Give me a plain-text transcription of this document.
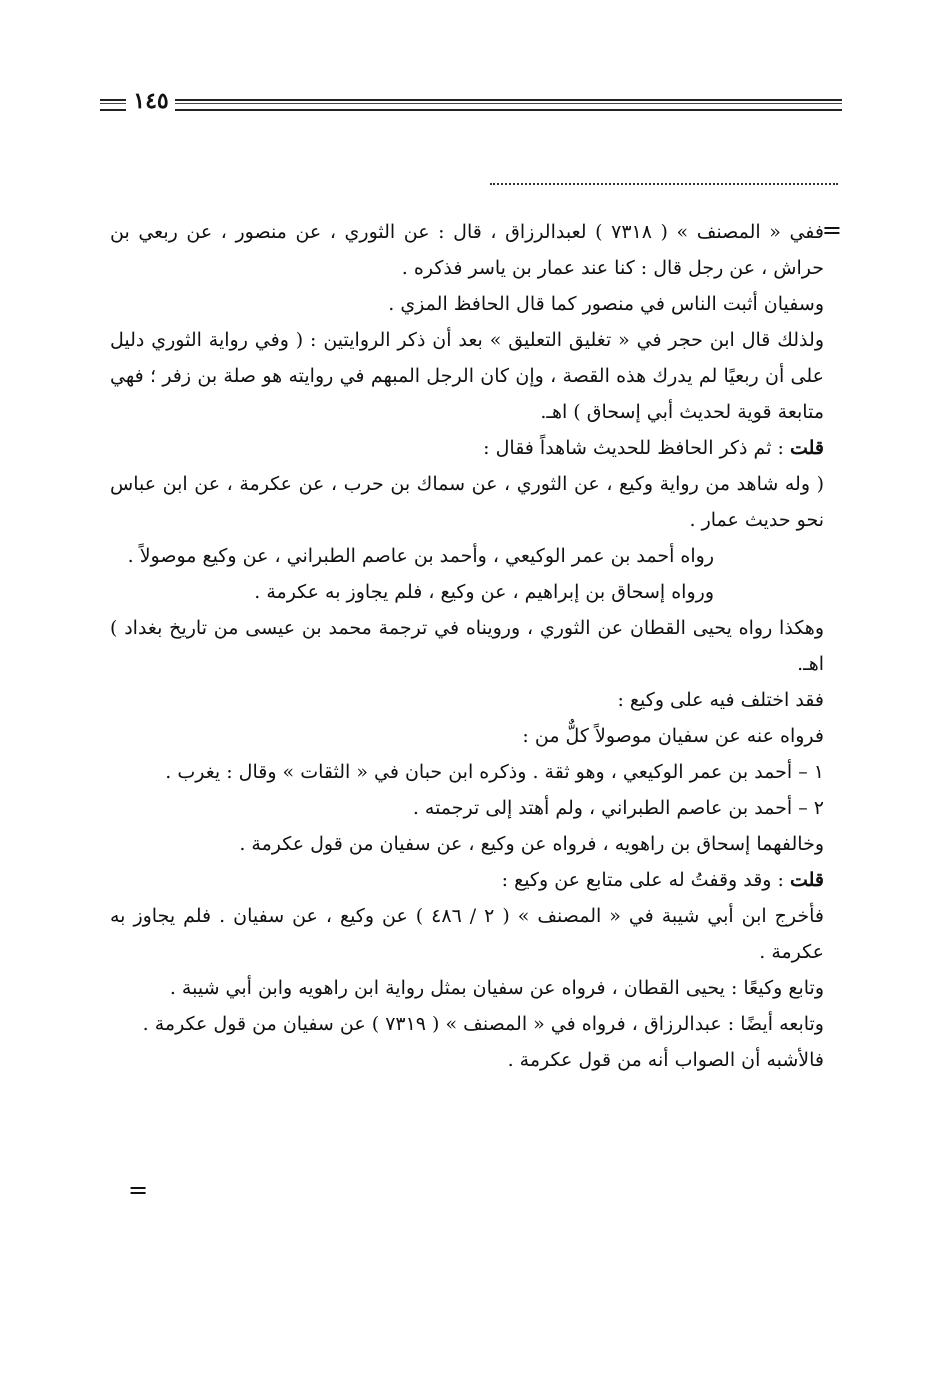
١٤٥
=

ففي « المصنف » ( ٧٣١٨ ) لعبدالرزاق ، قال : عن الثوري ، عن منصور ، عن ربعي بن حراش ، عن رجل قال : كنا عند عمار بن ياسر فذكره .

وسفيان أثبت الناس في منصور كما قال الحافظ المزي .

ولذلك قال ابن حجر في « تغليق التعليق » بعد أن ذكر الروايتين : ( وفي رواية الثوري دليل على أن ربعيًا لم يدرك هذه القصة ، وإن كان الرجل المبهم في روايته هو صلة بن زفر ؛ فهي متابعة قوية لحديث أبي إسحاق ) اهـ.

قلت : ثم ذكر الحافظ للحديث شاهداً فقال :

( وله شاهد من رواية وكيع ، عن الثوري ، عن سماك بن حرب ، عن عكرمة ، عن ابن عباس نحو حديث عمار .

رواه أحمد بن عمر الوكيعي ، وأحمد بن عاصم الطبراني ، عن وكيع موصولاً .

ورواه إسحاق بن إبراهيم ، عن وكيع ، فلم يجاوز به عكرمة .

وهكذا رواه يحيى القطان عن الثوري ، ورويناه في ترجمة محمد بن عيسى من تاريخ بغداد ) اهـ.

فقد اختلف فيه على وكيع :

فرواه عنه عن سفيان موصولاً كلٌّ من :

١ – أحمد بن عمر الوكيعي ، وهو ثقة . وذكره ابن حبان في « الثقات » وقال : يغرب .

٢ – أحمد بن عاصم الطبراني ، ولم أهتد إلى ترجمته .

وخالفهما إسحاق بن راهويه ، فرواه عن وكيع ، عن سفيان من قول عكرمة .

قلت : وقد وقفتُ له على متابع عن وكيع :

فأخرج ابن أبي شيبة في « المصنف » ( ٢ / ٤٨٦ ) عن وكيع ، عن سفيان . فلم يجاوز به عكرمة .

وتابع وكيعًا : يحيى القطان ، فرواه عن سفيان بمثل رواية ابن راهويه وابن أبي شيبة .

وتابعه أيضًا : عبدالرزاق ، فرواه في « المصنف » ( ٧٣١٩ ) عن سفيان من قول عكرمة .

فالأشبه أن الصواب أنه من قول عكرمة .

=
